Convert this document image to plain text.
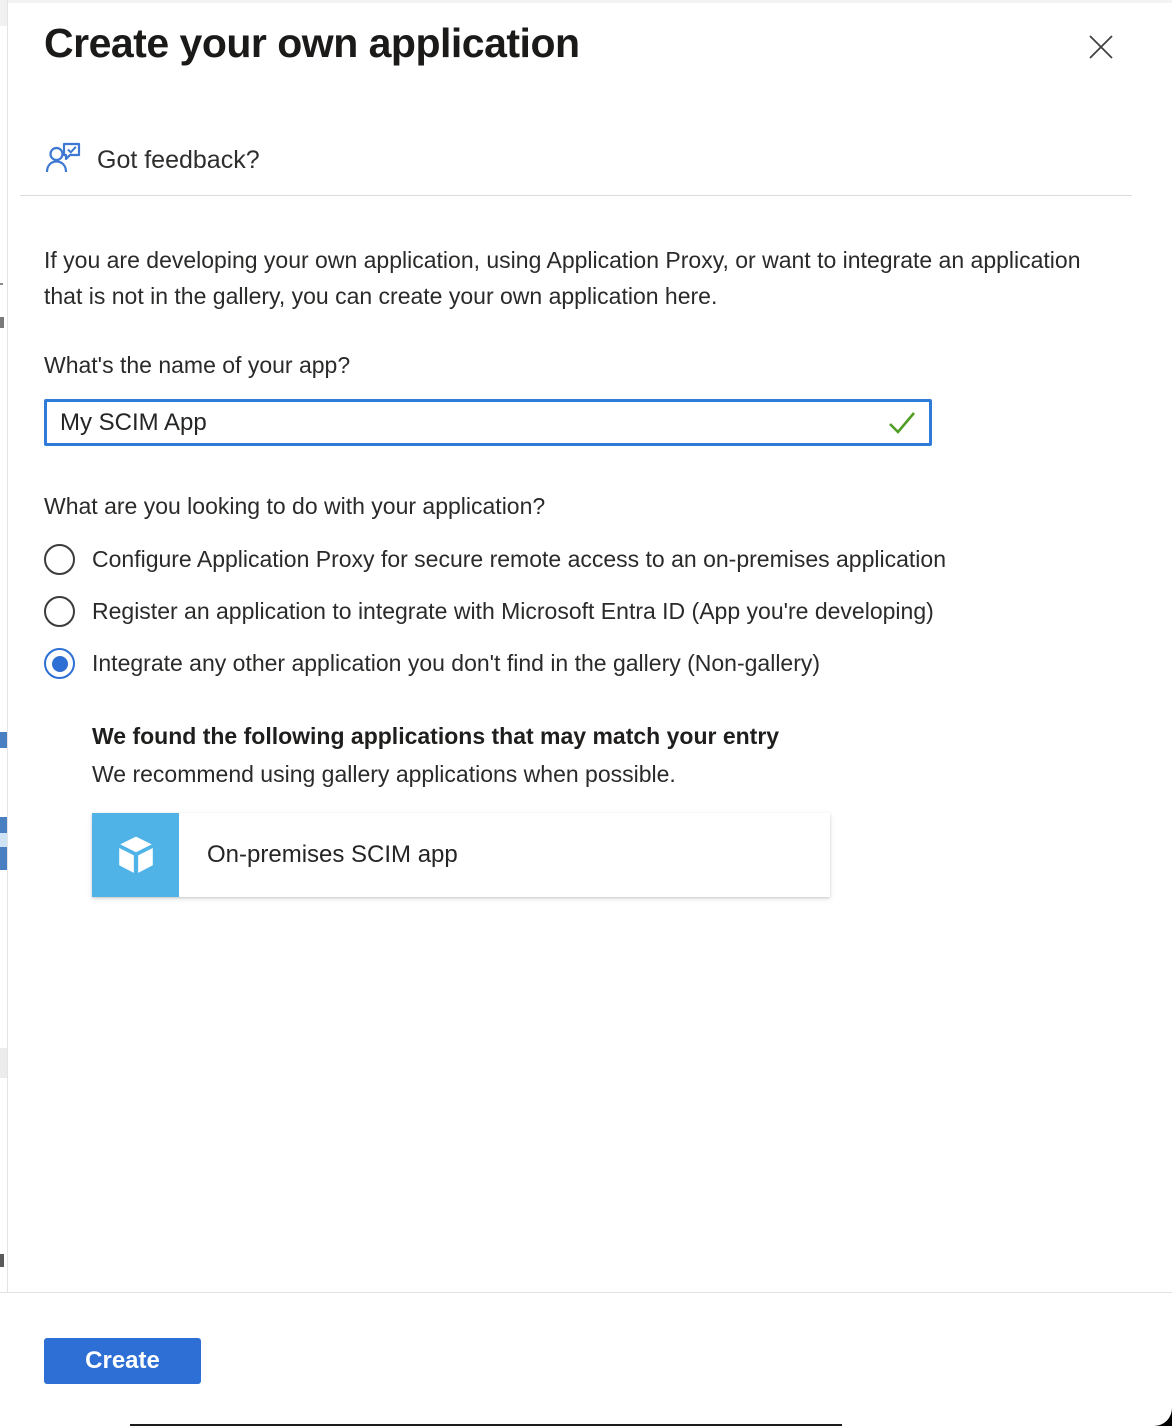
Create your own application
Got feedback?

If you are developing your own application, using Application Proxy, or want to integrate an application that is not in the gallery, you can create your own application here.

What's the name of your app?
My SCIM App
What are you looking to do with your application?
Configure Application Proxy for secure remote access to an on-premises application
Register an application to integrate with Microsoft Entra ID (App you're developing)
Integrate any other application you don't find in the gallery (Non-gallery)
We found the following applications that may match your entry
We recommend using gallery applications when possible.
On-premises SCIM app
Create
